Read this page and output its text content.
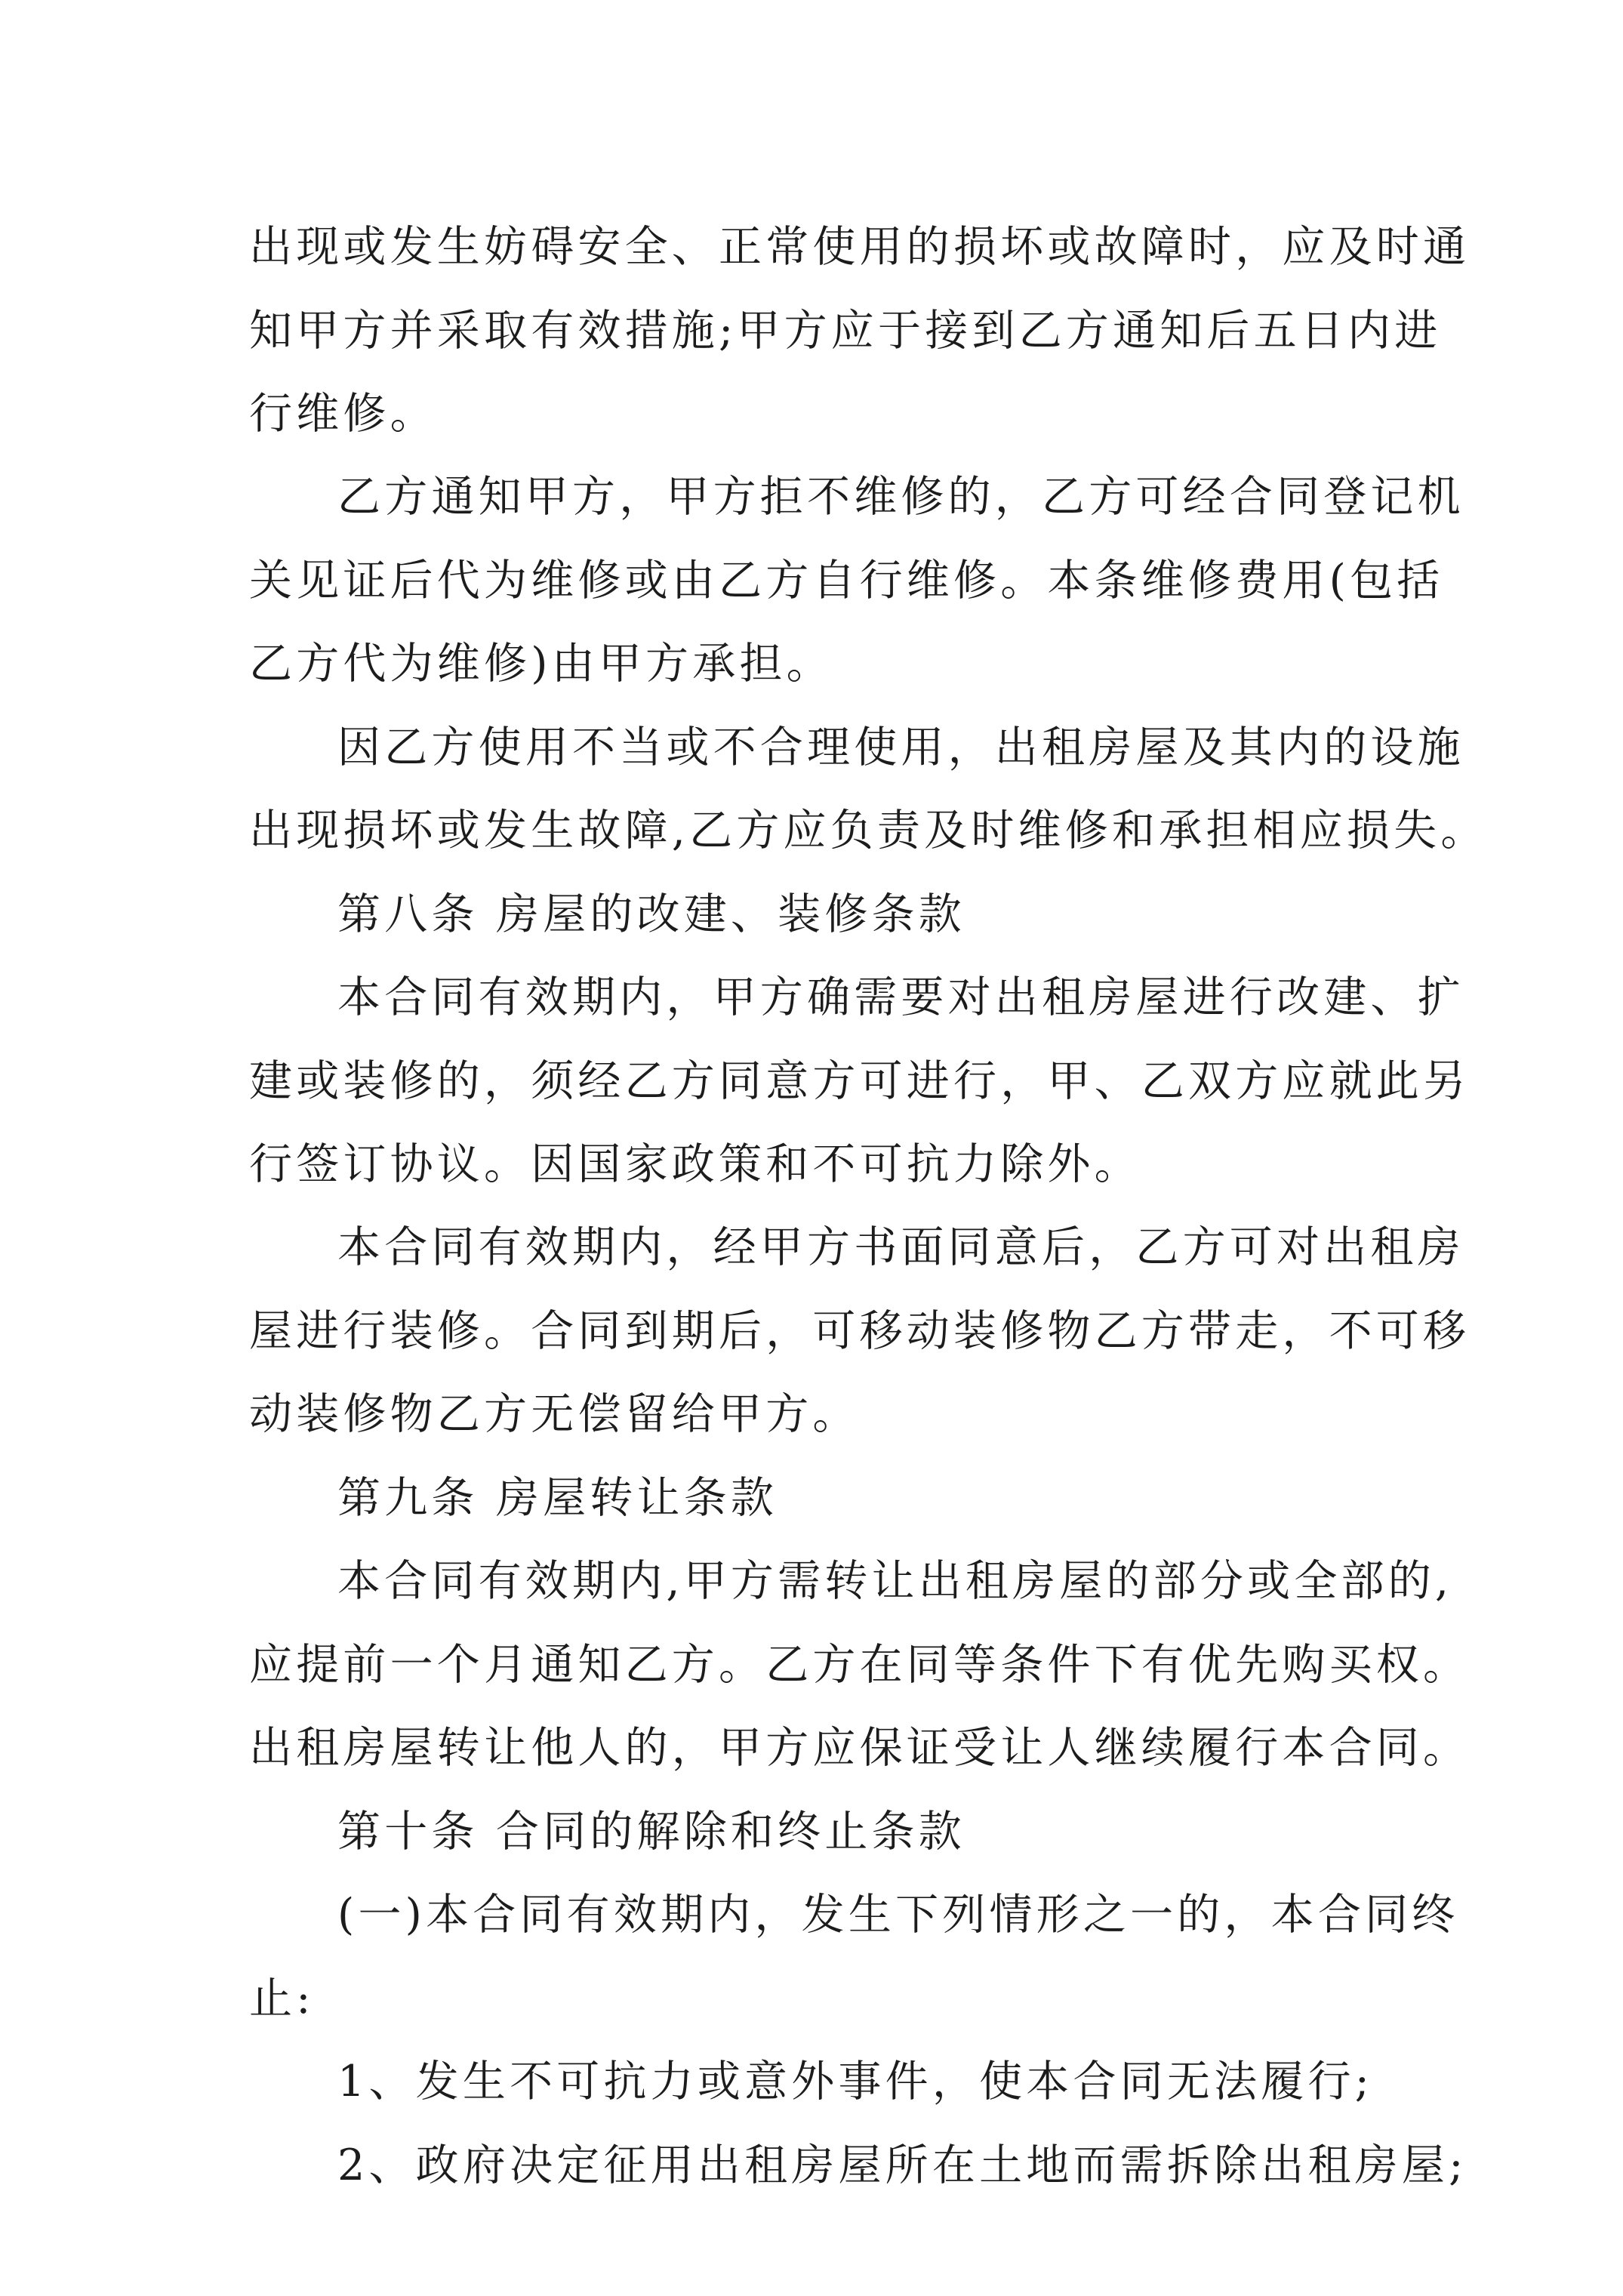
出现或发生妨碍安全、正常使用的损坏或故障时，应及时通
知甲方并采取有效措施;甲方应于接到乙方通知后五日内进
行维修。
乙方通知甲方，甲方拒不维修的，乙方可经合同登记机
关见证后代为维修或由乙方自行维修。本条维修费用(包括
乙方代为维修)由甲方承担。
因乙方使用不当或不合理使用，出租房屋及其内的设施
出现损坏或发生故障,乙方应负责及时维修和承担相应损失。
第八条 房屋的改建、装修条款
本合同有效期内，甲方确需要对出租房屋进行改建、扩
建或装修的，须经乙方同意方可进行，甲、乙双方应就此另
行签订协议。因国家政策和不可抗力除外。
本合同有效期内，经甲方书面同意后，乙方可对出租房
屋进行装修。合同到期后，可移动装修物乙方带走，不可移
动装修物乙方无偿留给甲方。
第九条 房屋转让条款
本合同有效期内,甲方需转让出租房屋的部分或全部的,
应提前一个月通知乙方。乙方在同等条件下有优先购买权。
出租房屋转让他人的，甲方应保证受让人继续履行本合同。
第十条 合同的解除和终止条款
(一)本合同有效期内，发生下列情形之一的，本合同终
止:
1、发生不可抗力或意外事件，使本合同无法履行;
2、政府决定征用出租房屋所在土地而需拆除出租房屋;
